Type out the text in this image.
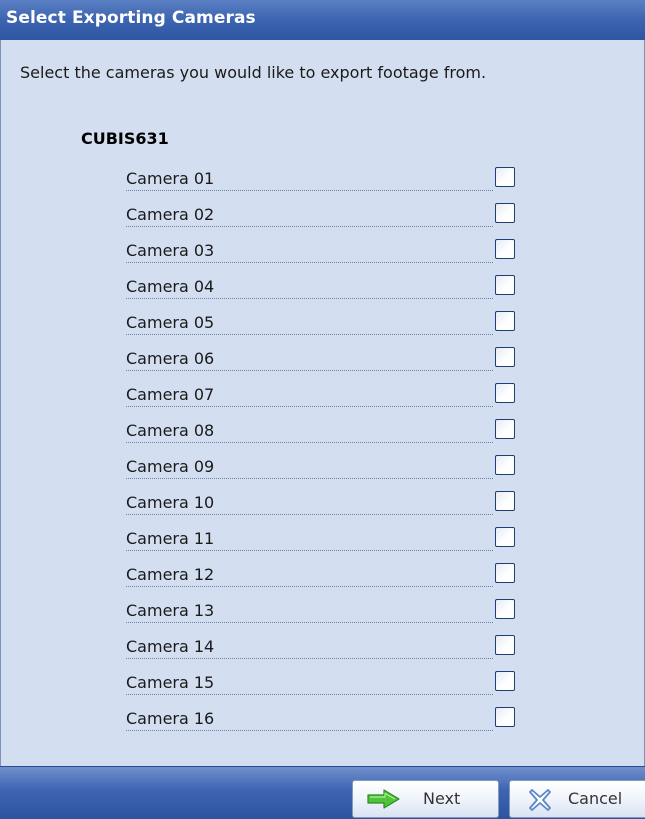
Select Exporting Cameras
Select the cameras you would like to export footage from.
CUBIS631
Camera 01
Camera 02
Camera 03
Camera 04
Camera 05
Camera 06
Camera 07
Camera 08
Camera 09
Camera 10
Camera 11
Camera 12
Camera 13
Camera 14
Camera 15
Camera 16
Next	Cancel
